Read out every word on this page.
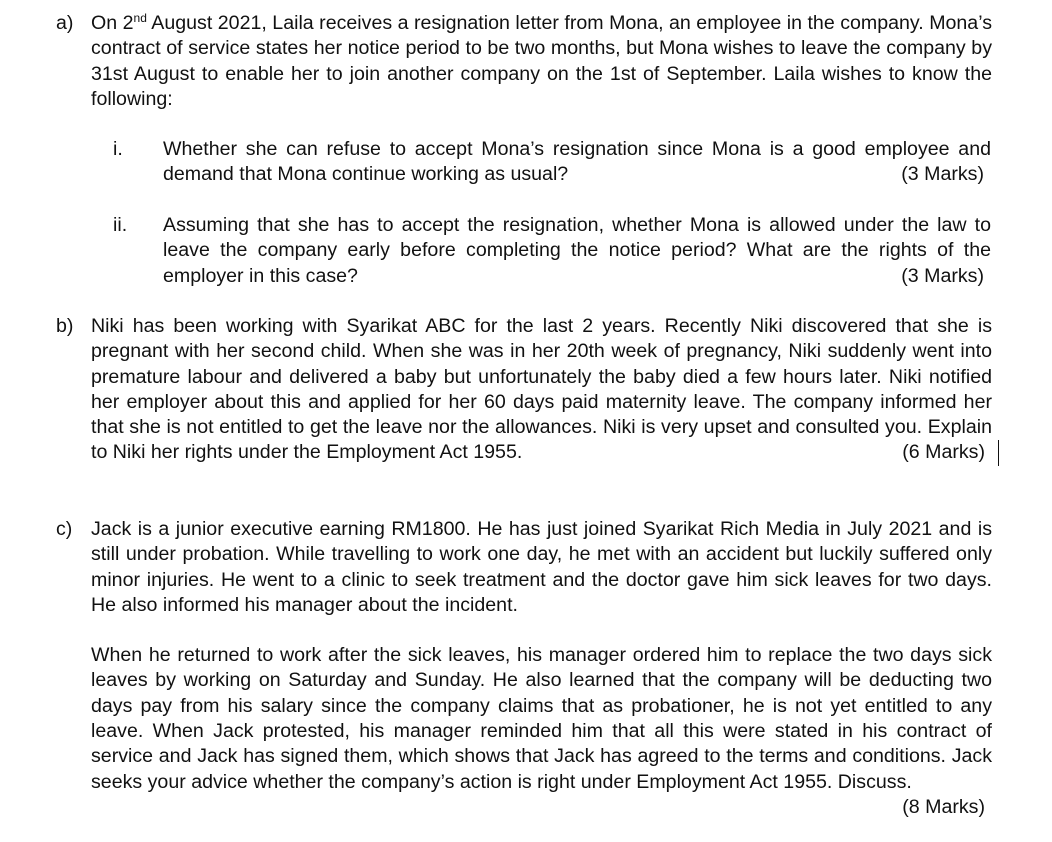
a) On 2nd August 2021, Laila receives a resignation letter from Mona, an employee in the company. Mona’s contract of service states her notice period to be two months, but Mona wishes to leave the company by 31st August to enable her to join another company on the 1st of September. Laila wishes to know the following:
i. Whether she can refuse to accept Mona’s resignation since Mona is a good employee and demand that Mona continue working as usual?	(3 Marks)
ii. Assuming that she has to accept the resignation, whether Mona is allowed under the law to leave the company early before completing the notice period? What are the rights of the employer in this case?	(3 Marks)
b) Niki has been working with Syarikat ABC for the last 2 years. Recently Niki discovered that she is pregnant with her second child. When she was in her 20th week of pregnancy, Niki suddenly went into premature labour and delivered a baby but unfortunately the baby died a few hours later. Niki notified her employer about this and applied for her 60 days paid maternity leave. The company informed her that she is not entitled to get the leave nor the allowances. Niki is very upset and consulted you. Explain to Niki her rights under the Employment Act 1955.	(6 Marks)
c) Jack is a junior executive earning RM1800. He has just joined Syarikat Rich Media in July 2021 and is still under probation. While travelling to work one day, he met with an accident but luckily suffered only minor injuries. He went to a clinic to seek treatment and the doctor gave him sick leaves for two days. He also informed his manager about the incident.
When he returned to work after the sick leaves, his manager ordered him to replace the two days sick leaves by working on Saturday and Sunday. He also learned that the company will be deducting two days pay from his salary since the company claims that as probationer, he is not yet entitled to any leave. When Jack protested, his manager reminded him that all this were stated in his contract of service and Jack has signed them, which shows that Jack has agreed to the terms and conditions. Jack seeks your advice whether the company’s action is right under Employment Act 1955. Discuss.
(8 Marks)
